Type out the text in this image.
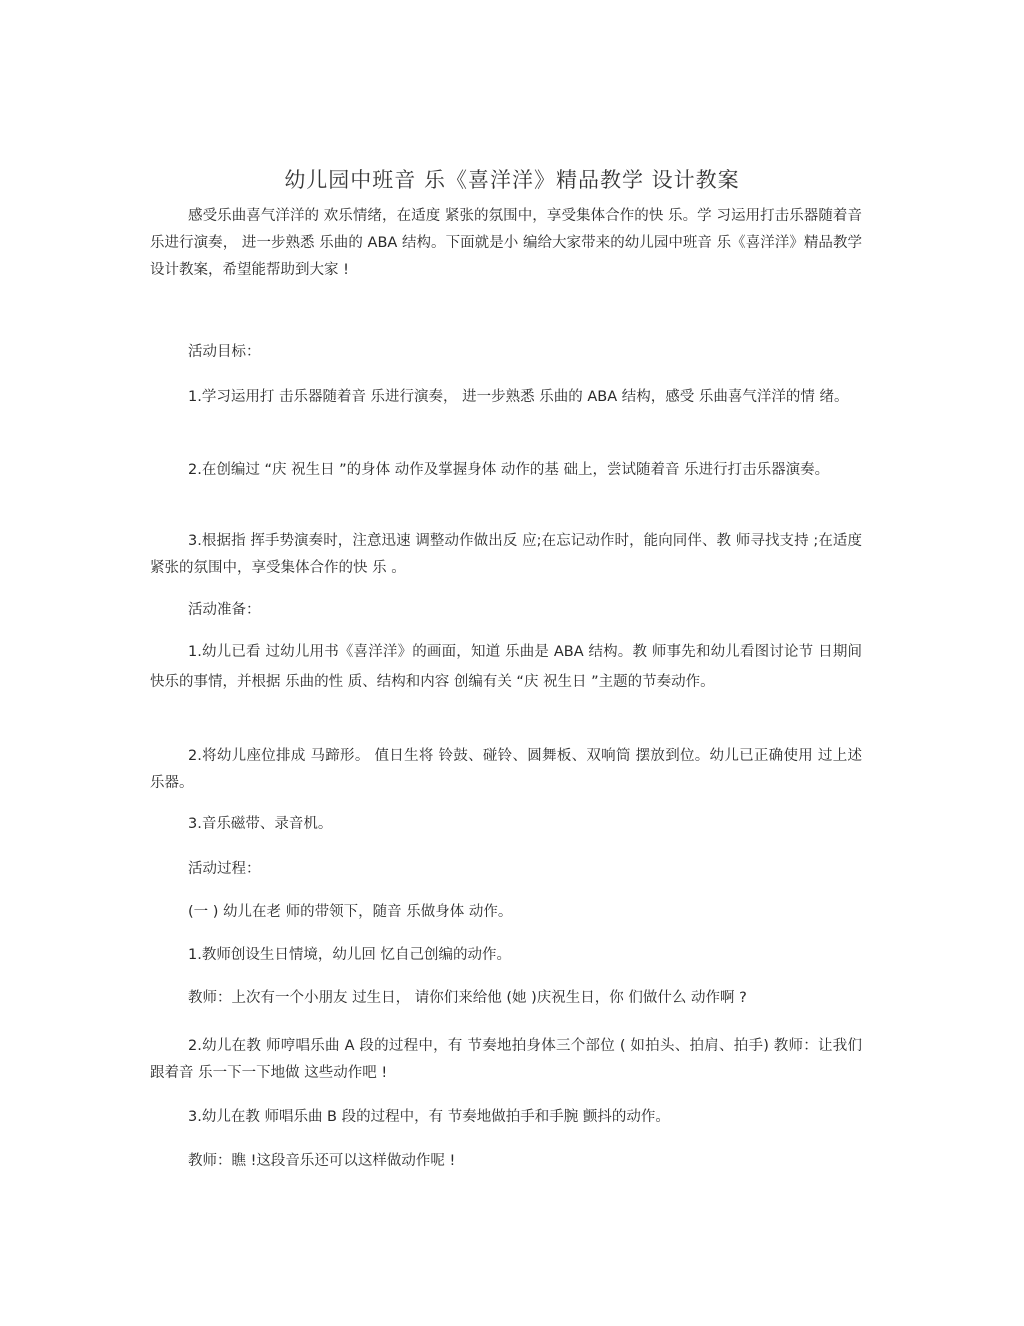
幼儿园中班音 乐《喜洋洋》精品教学 设计教案
感受乐曲喜气洋洋的 欢乐情绪，在适度 紧张的氛围中，享受集体合作的快 乐。学 习运用打击乐器随着音 乐进行演奏， 进一步熟悉 乐曲的 ABA 结构。下面就是小 编给大家带来的幼儿园中班音 乐《喜洋洋》精品教学 设计教案，希望能帮助到大家 !
活动目标：
1.学习运用打 击乐器随着音 乐进行演奏， 进一步熟悉 乐曲的 ABA 结构，感受 乐曲喜气洋洋的情 绪。
2.在创编过 “庆 祝生日 ”的身体 动作及掌握身体 动作的基 础上，尝试随着音 乐进行打击乐器演奏。
3.根据指 挥手势演奏时，注意迅速 调整动作做出反 应;在忘记动作时，能向同伴、教 师寻找支持 ;在适度 紧张的氛围中，享受集体合作的快 乐 。
活动准备：
1.幼儿已看 过幼儿用书《喜洋洋》的画面，知道 乐曲是 ABA 结构。教 师事先和幼儿看图讨论节 日期间快乐的事情，并根据 乐曲的性 质、结构和内容 创编有关 “庆 祝生日 ”主题的节奏动作。
2.将幼儿座位排成 马蹄形。 值日生将 铃鼓、碰铃、圆舞板、双响筒 摆放到位。幼儿已正确使用 过上述乐器。
3.音乐磁带、录音机。
活动过程：
(一 ) 幼儿在老 师的带领下，随音 乐做身体 动作。
1.教师创设生日情境，幼儿回 忆自己创编的动作。
教师：上次有一个小朋友 过生日， 请你们来给他 (她 )庆祝生日，你 们做什么 动作啊 ?
2.幼儿在教 师哼唱乐曲 A 段的过程中，有 节奏地拍身体三个部位 ( 如拍头、拍肩、拍手) 教师：让我们跟着音 乐一下一下地做 这些动作吧 !
3.幼儿在教 师唱乐曲 B 段的过程中，有 节奏地做拍手和手腕 颤抖的动作。
教师：瞧 !这段音乐还可以这样做动作呢 !
